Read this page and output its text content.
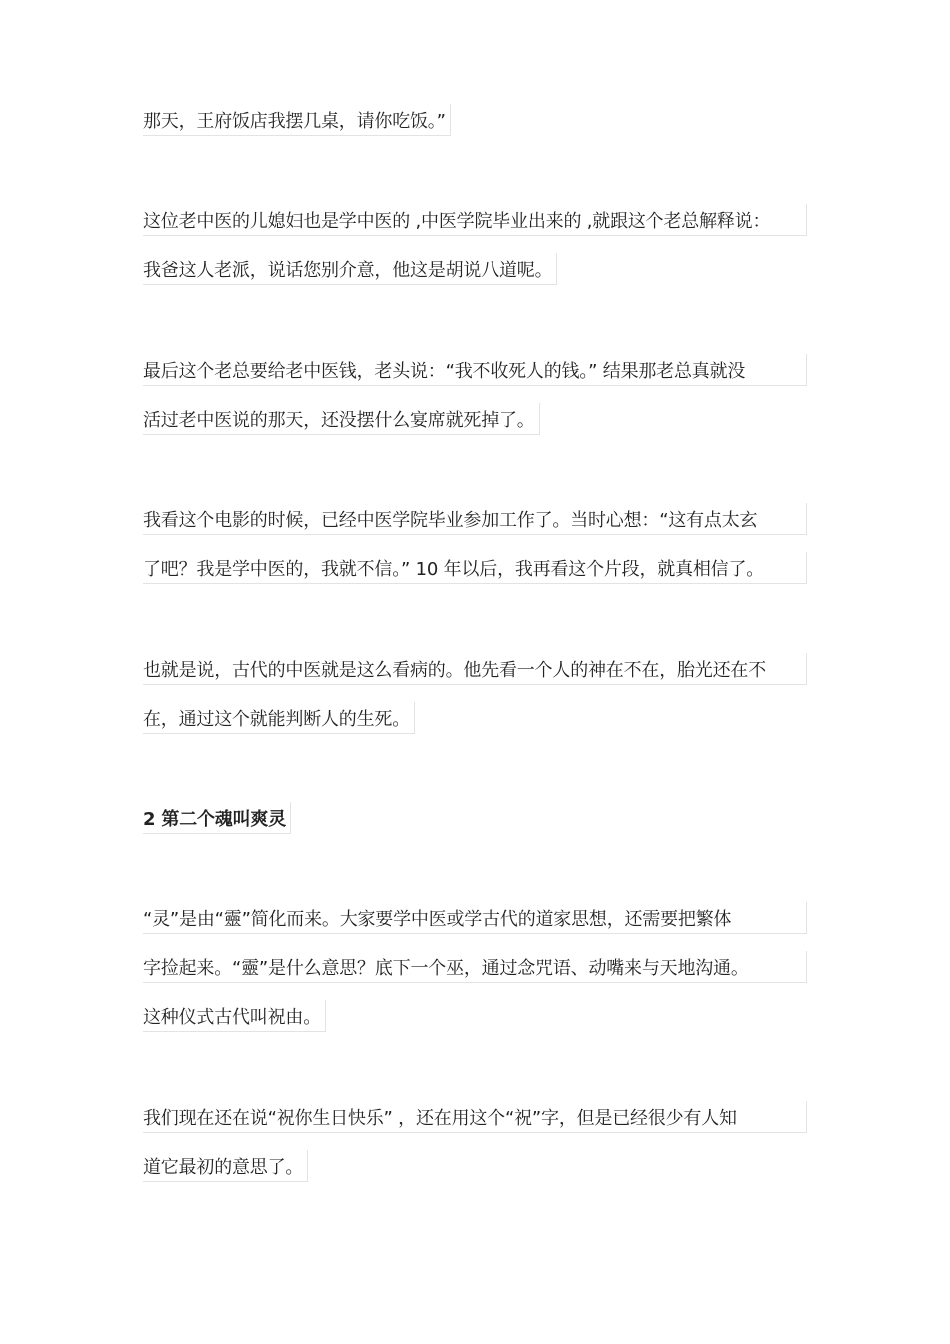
那天，王府饭店我摆几桌，请你吃饭。”
这位老中医的儿媳妇也是学中医的 ,中医学院毕业出来的 ,就跟这个老总解释说：
我爸这人老派，说话您别介意，他这是胡说八道呢。
最后这个老总要给老中医钱，老头说：“我不收死人的钱。” 结果那老总真就没
活过老中医说的那天，还没摆什么宴席就死掉了。
我看这个电影的时候，已经中医学院毕业参加工作了。当时心想：“这有点太玄
了吧？我是学中医的，我就不信。” 10 年以后，我再看这个片段，就真相信了。
也就是说，古代的中医就是这么看病的。他先看一个人的神在不在，胎光还在不
在，通过这个就能判断人的生死。
2 第二个魂叫爽灵
“灵”是由“靈”简化而来。大家要学中医或学古代的道家思想，还需要把繁体
字捡起来。“靈”是什么意思？底下一个巫，通过念咒语、动嘴来与天地沟通。
这种仪式古代叫祝由。
我们现在还在说“祝你生日快乐” ，还在用这个“祝”字，但是已经很少有人知
道它最初的意思了。
